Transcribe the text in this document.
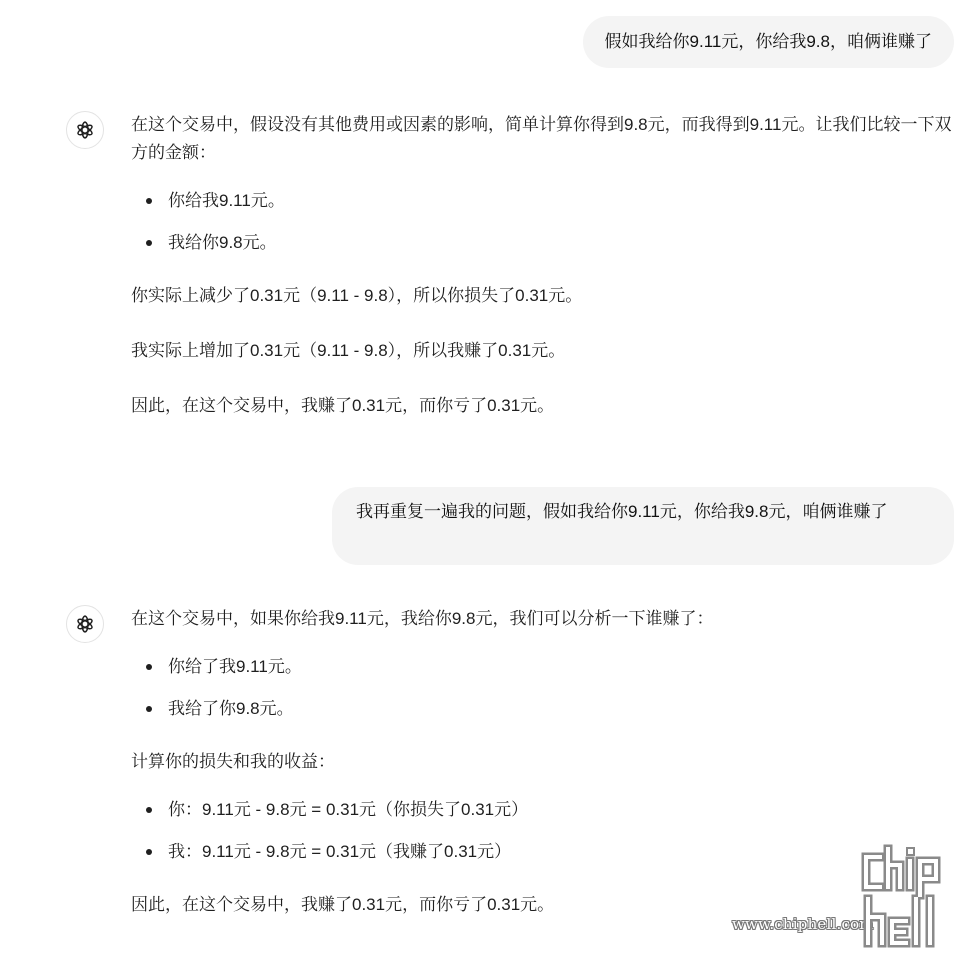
假如我给你9.11元，你给我9.8，咱俩谁赚了

在这个交易中，假设没有其他费用或因素的影响，简单计算你得到9.8元，而我得到9.11元。让我们比较一下双方的金额：

你给我9.11元。
我给你9.8元。

你实际上减少了0.31元（9.11 - 9.8），所以你损失了0.31元。

我实际上增加了0.31元（9.11 - 9.8），所以我赚了0.31元。

因此，在这个交易中，我赚了0.31元，而你亏了0.31元。

我再重复一遍我的问题，假如我给你9.11元，你给我9.8元，咱俩谁赚了

在这个交易中，如果你给我9.11元，我给你9.8元，我们可以分析一下谁赚了：

你给了我9.11元。
我给了你9.8元。

计算你的损失和我的收益：

你：9.11元 - 9.8元 = 0.31元（你损失了0.31元）
我：9.11元 - 9.8元 = 0.31元（我赚了0.31元）

因此，在这个交易中，我赚了0.31元，而你亏了0.31元。

www.chiphell.com
